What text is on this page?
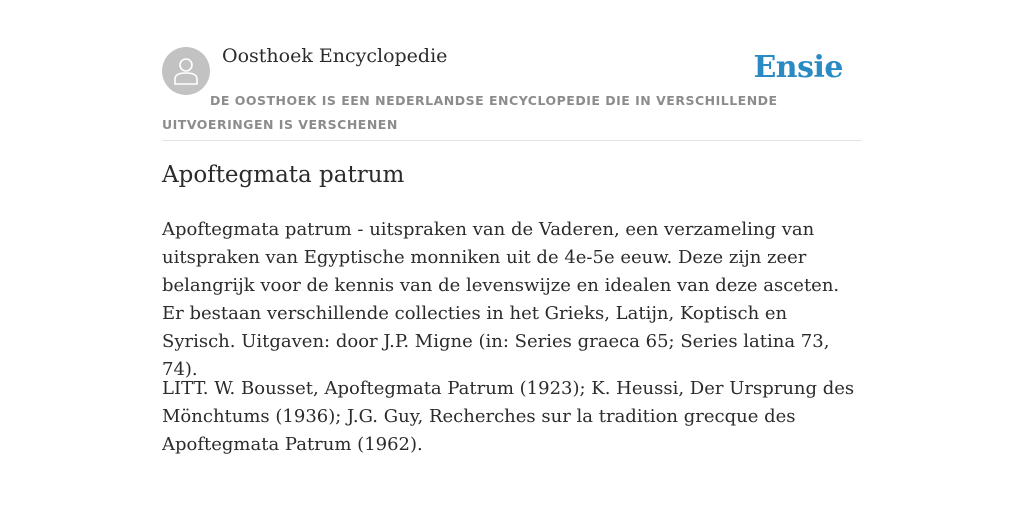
Oosthoek Encyclopedie	Ensie
DE OOSTHOEK IS EEN NEDERLANDSE ENCYCLOPEDIE DIE IN VERSCHILLENDE UITVOERINGEN IS VERSCHENEN
Apoftegmata patrum

Apoftegmata patrum - uitspraken van de Vaderen, een verzameling van uitspraken van Egyptische monniken uit de 4e-5e eeuw. Deze zijn zeer belangrijk voor de kennis van de levenswijze en idealen van deze asceten. Er bestaan verschillende collecties in het Grieks, Latijn, Koptisch en Syrisch. Uitgaven: door J.P. Migne (in: Series graeca 65; Series latina 73, 74).

LITT. W. Bousset, Apoftegmata Patrum (1923); K. Heussi, Der Ursprung des Mönchtums (1936); J.G. Guy, Recherches sur la tradition grecque des Apoftegmata Patrum (1962).
